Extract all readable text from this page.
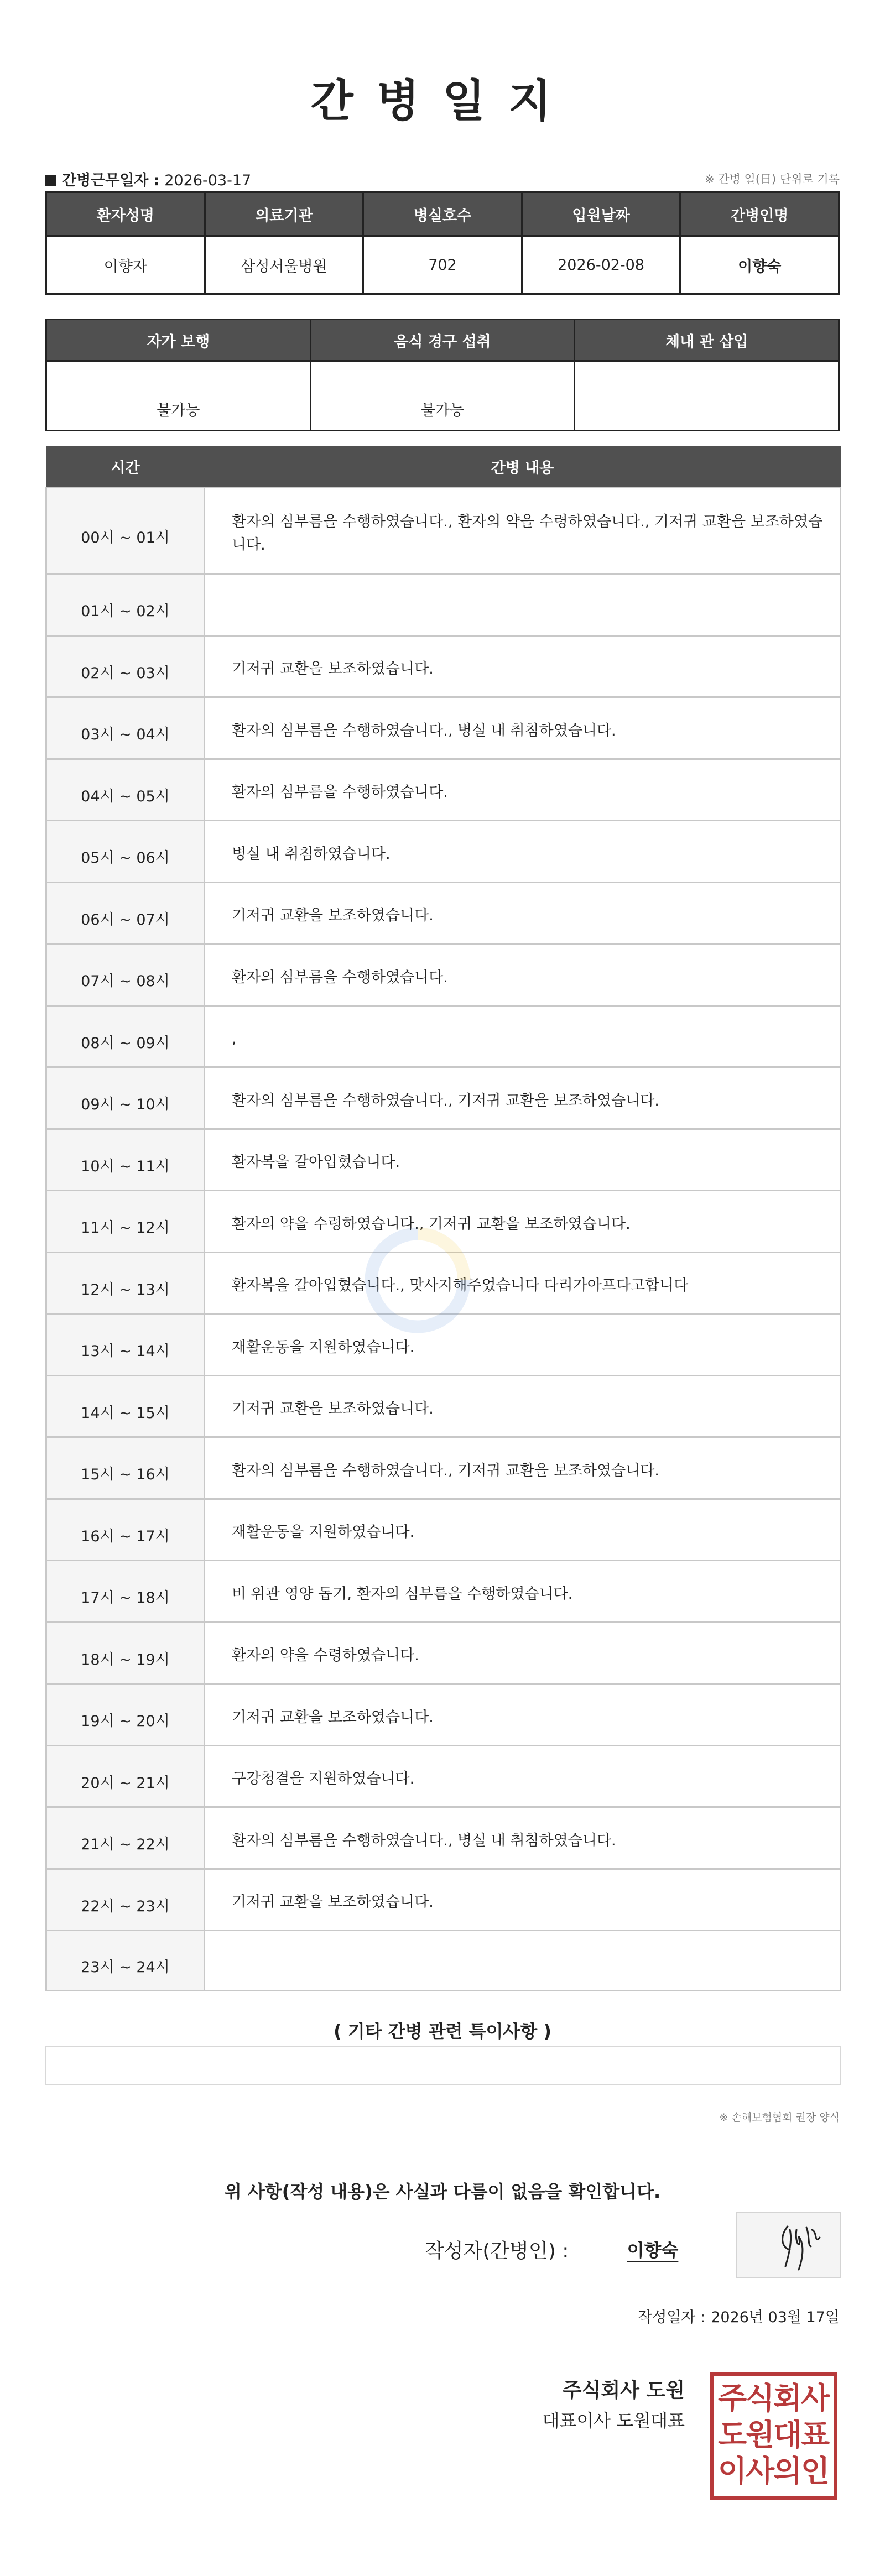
간병일지
간병근무일자 : 2026-03-17	※ 간병 일(日) 단위로 기록
환자성명	의료기관	병실호수	입원날짜	간병인명
이향자	삼성서울병원	702	2026-02-08	이향숙
자가 보행	음식 경구 섭취	체내 관 삽입
불가능	불가능	
시간	간병 내용
00시 ~ 01시	환자의 심부름을 수행하였습니다., 환자의 약을 수령하였습니다., 기저귀 교환을 보조하였습니다.
01시 ~ 02시	
02시 ~ 03시	기저귀 교환을 보조하였습니다.
03시 ~ 04시	환자의 심부름을 수행하였습니다., 병실 내 취침하였습니다.
04시 ~ 05시	환자의 심부름을 수행하였습니다.
05시 ~ 06시	병실 내 취침하였습니다.
06시 ~ 07시	기저귀 교환을 보조하였습니다.
07시 ~ 08시	환자의 심부름을 수행하였습니다.
08시 ~ 09시	,
09시 ~ 10시	환자의 심부름을 수행하였습니다., 기저귀 교환을 보조하였습니다.
10시 ~ 11시	환자복을 갈아입혔습니다.
11시 ~ 12시	환자의 약을 수령하였습니다., 기저귀 교환을 보조하였습니다.
12시 ~ 13시	환자복을 갈아입혔습니다., 맛사지해주었습니다 다리가아프다고합니다
13시 ~ 14시	재활운동을 지원하였습니다.
14시 ~ 15시	기저귀 교환을 보조하였습니다.
15시 ~ 16시	환자의 심부름을 수행하였습니다., 기저귀 교환을 보조하였습니다.
16시 ~ 17시	재활운동을 지원하였습니다.
17시 ~ 18시	비 위관 영양 돕기, 환자의 심부름을 수행하였습니다.
18시 ~ 19시	환자의 약을 수령하였습니다.
19시 ~ 20시	기저귀 교환을 보조하였습니다.
20시 ~ 21시	구강청결을 지원하였습니다.
21시 ~ 22시	환자의 심부름을 수행하였습니다., 병실 내 취침하였습니다.
22시 ~ 23시	기저귀 교환을 보조하였습니다.
23시 ~ 24시	
( 기타 간병 관련 특이사항 )
※ 손해보험협회 권장 양식
위 사항(작성 내용)은 사실과 다름이 없음을 확인합니다.
작성자(간병인) :	이향숙
작성일자 : 2026년 03월 17일
주식회사 도원
대표이사 도원대표
주
식
회
사
도
원
대
표
이
사
의
인
